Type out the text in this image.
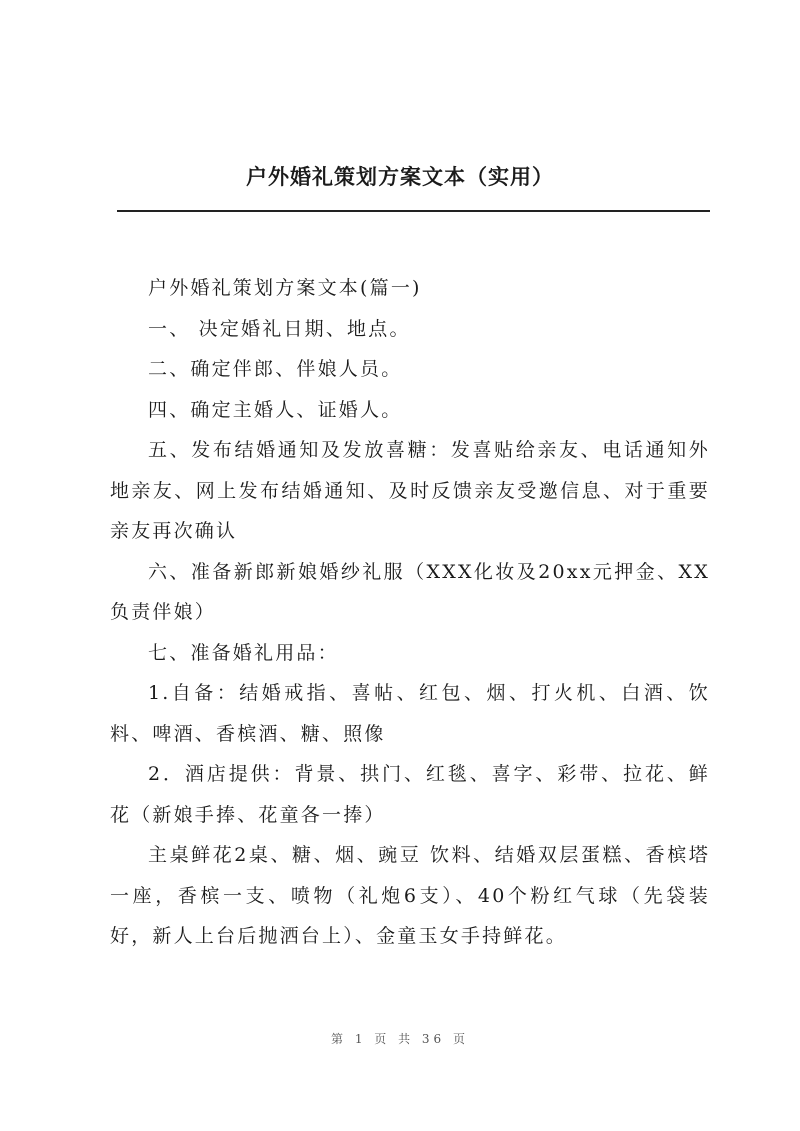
户外婚礼策划方案文本（实用）

户外婚礼策划方案文本(篇一)

一、 决定婚礼日期、地点。

二、确定伴郎、伴娘人员。

四、确定主婚人、证婚人。

五、发布结婚通知及发放喜糖：发喜贴给亲友、电话通知外地亲友、网上发布结婚通知、及时反馈亲友受邀信息、对于重要亲友再次确认

六、准备新郎新娘婚纱礼服（XXX化妆及20xx元押金、XX负责伴娘）

七、准备婚礼用品：

1.自备：结婚戒指、喜帖、红包、烟、打火机、白酒、饮料、啤酒、香槟酒、糖、照像

2．酒店提供：背景、拱门、红毯、喜字、彩带、拉花、鲜花（新娘手捧、花童各一捧）

主桌鲜花2桌、糖、烟、豌豆 饮料、结婚双层蛋糕、香槟塔一座，香槟一支、喷物（礼炮6支）、40个粉红气球（先袋装好，新人上台后抛洒台上）、金童玉女手持鲜花。

第 1 页 共 36 页
